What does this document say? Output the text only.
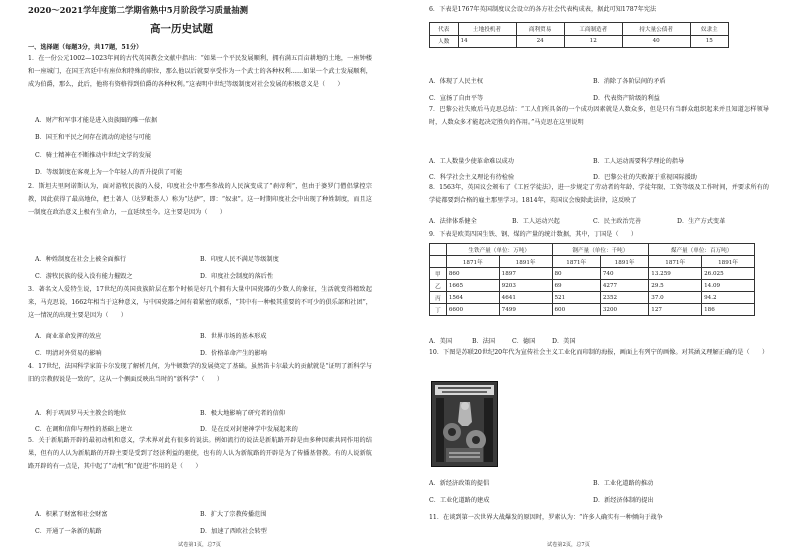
2020～2021学年度第二学期省熟中5月阶段学习质量抽测
高一历史试题
一、选择题（每题3分，共17题，51分）
1．在一份公元1002—1023年间的古代英国教会文献中指出：“如果一个平民发展顺利，拥有满五百亩耕地的土地，一座钟楼和一座城门，在国王宫廷中有座位和特殊的职位，那么他以后就要享受作为一个武士的各种权利……如果一个武士发展顺利，成为伯爵，那么，此后，他将有资格得到伯爵的各种权利。”这表明中世纪等级制度对社会发展的积极意义是（　　）
A．财产和军事才能是进入贵族圈的唯一依据
B．国王和平民之间存在流动的途径与可能
C．骑士精神在不断推动中世纪文学的发展
D．等级制度在客观上为一个年轻人的晋升提供了可能
2．斯坦夫里阿诺斯认为，面对游牧民族的入侵，印度社会中那些参战的人民演变成了“刹帝利”，但由于婆罗门僧侣掌控宗教，因此获得了最高地位，把土著人（达罗毗荼人）称为“达萨”，即：“奴隶”。这一时期印度社会中出现了种姓制度，而且这一制度在政治意义上极有生命力，一直延续至今。这主要是因为（　　）
A．种姓制度在社会上被全面推行	B．印度人民不满足等级制度
C．游牧民族的侵入没有能力摧毁之	D．印度社会制度的落后性
3．著名文人爱特生说，17世纪的英国贵族阶层在那个时候是好几个拥有大量中国瓷器的少数人的象征，生活就变得精致起来，马克思说，1662年相当于这种意义，与中国瓷器之间有着紧密的联系，“其中有一种极其重要的不可少的俱乐部和社团”，这一情况的出现主要是因为（　　）
A．商业革命发挥的效应	B．世界市场的基本形成
C．明清对外贸易的影响	D．价格革命产生的影响
4．17世纪，法国科学家笛卡尔发现了解析几何，为牛顿数学的发展奠定了基础。虽然笛卡尔最大的贡献就是“证明了新科学与旧的宗教假说是一致的”，这从一个侧面反映出当时的“新科学”（　　）
A．利于巩固罗马天主教会的地位	B．极大地影响了研究者的信仰
C．在调和信仰与理性的基础上建立	D．是在反对封建神学中发展起来的
5．关于新航路开辟的最初动机和意义，学术界对此有很多的说法。例如流行的说法是新航路开辟是由多种因素共同作用的结果，但有的人认为新航路的开辟主要是受到了经济利益的驱使，也有的人认为新航路的开辟是为了传播基督教。有的人说新航路开辟的有一点是，其中起了“动机”和“促进”作用的是（　　）
A．积累了财富和社会财富	B．扩大了宗教传播范围
C．开通了一条新的航路	D．加速了西欧社会转型
试卷第1页，总7页
6．下表是1767年英国制度议会设立的各方社会代表构成表，据此可知1787年宪法
代表	土地投机者	商利贸易	工商制造者	持大量公债者	奴隶主
人数	14	24	12	40	15
A．体现了人民主权	B．消除了各阶层间的矛盾
C．宣扬了自由平等	D．代表资产阶级的利益
7．巴黎公社失败后马克思总结：“工人们所具备的一个成功因素就是人数众多，但是只有当群众组织起来并且知道怎样领导时，人数众多才能起决定胜负的作用。”马克思在这里说明
A．工人数量少使革命难以成功	B．工人运动需要科学理论的指导
C．科学社会主义理论有待检验	D．巴黎公社的失败源于重视国际援助
8．1563年，英国议会颁布了《工匠学徒法》，进一步规定了劳动者的年龄、学徒年限、工资等级及工作时间，并要求所有的学徒都要到合格的雇主那里学习。1814年，英国议会废除此法律，这反映了
A．法律体系健全	B．工人运动兴起	C．民主政治完善	D．生产方式变革
9．下表是欧美四国生铁、钢、煤的产量的统计数据，其中，丁国是（　　）
	生铁产量（单位：万吨）		钢产量（单位：千吨）		煤产量（单位：百万吨）	
	1871年	1891年	1871年	1891年	1871年	1891年
甲	860	1897	80	740	13.259	26.025
乙	1665	9203	69	4277	29.5	14.09
丙	1564	4641	521	2352	37.0	94.2
丁	6600	7499	600	3200	127	186
A．美国	B．法国	C．德国	D．美国
10．下图是苏联20世纪20年代为宣传社会主义工业化而印制的海报，画面上有列宁的画像。对其涵义理解正确的是（　　）
A．新经济政策的提倡	B．工业化道路的推动
C．工业化道路的建成	D．新经济体制的提出
11．在谈到第一次世界大战爆发的原因时，罗素认为：“许多人确实有一种倾向于战争
试卷第2页，总7页
